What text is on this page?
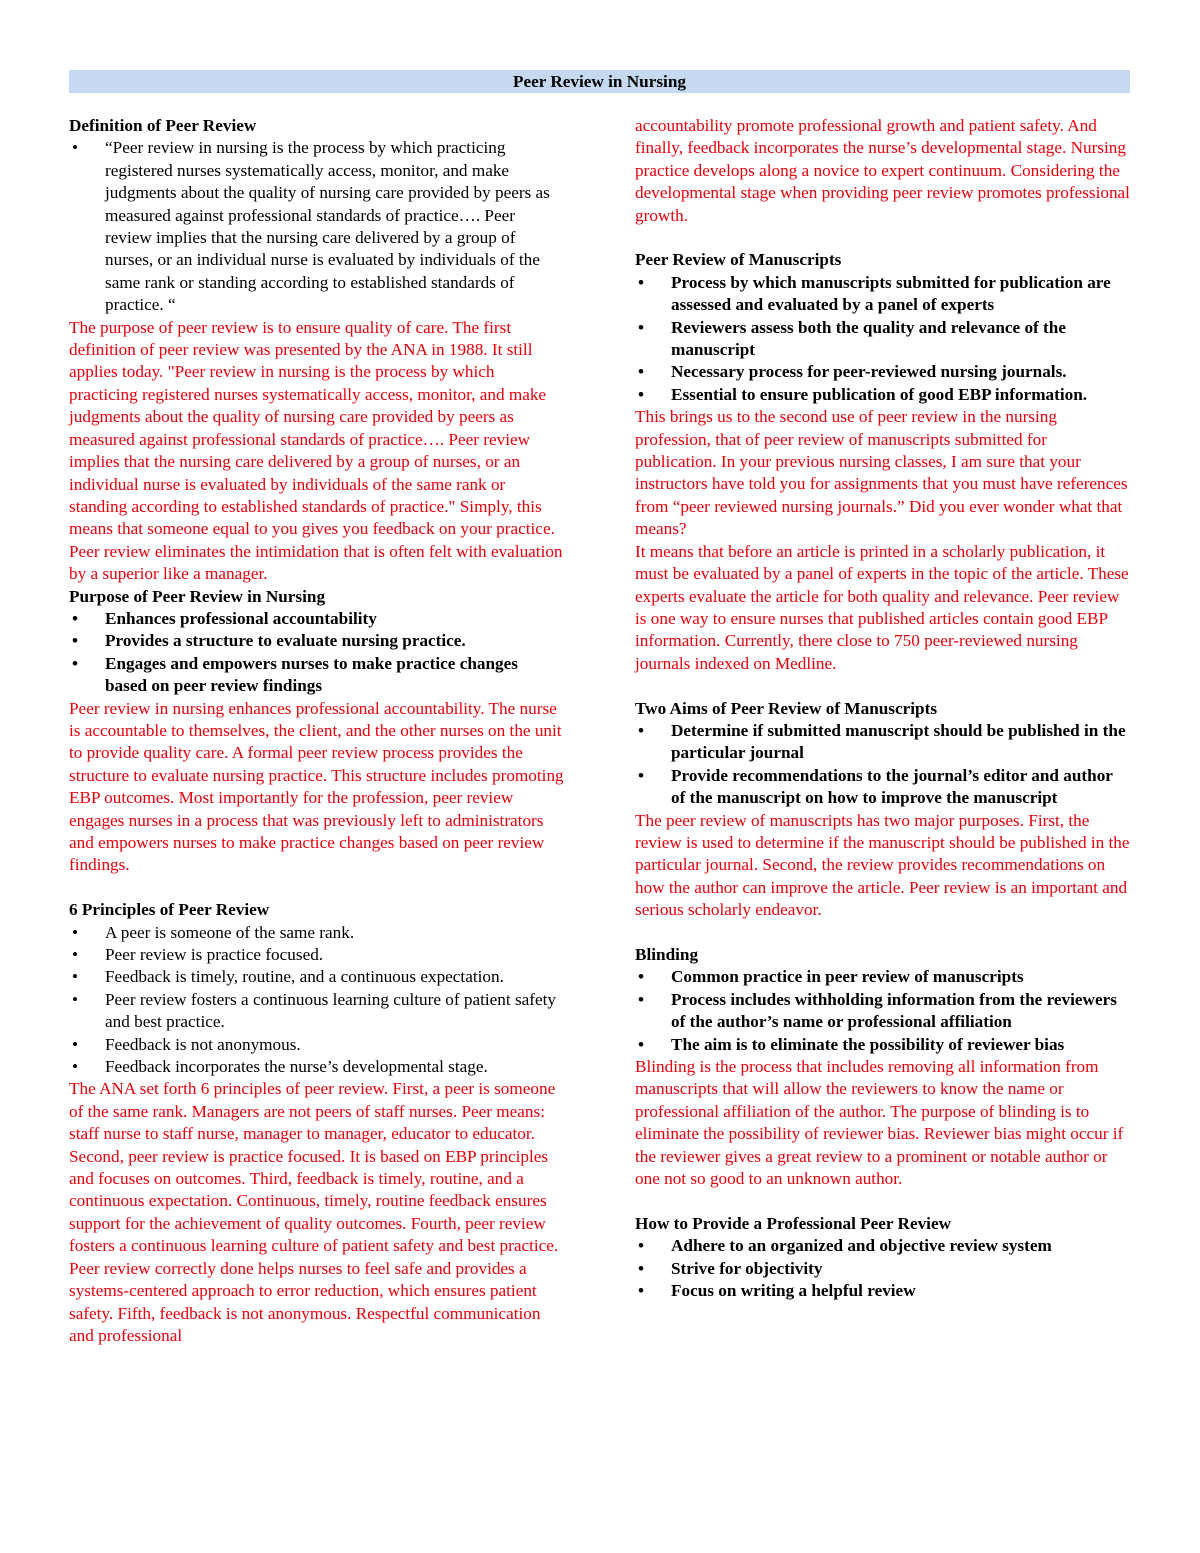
Peer Review in Nursing

Definition of Peer Review

• “Peer review in nursing is the process by which practicing registered nurses systematically access, monitor, and make judgments about the quality of nursing care provided by peers as measured against professional standards of practice…. Peer review implies that the nursing care delivered by a group of nurses, or an individual nurse is evaluated by individuals of the same rank or standing according to established standards of practice. “

The purpose of peer review is to ensure quality of care. The first definition of peer review was presented by the ANA in 1988. It still applies today. "Peer review in nursing is the process by which practicing registered nurses systematically access, monitor, and make judgments about the quality of nursing care provided by peers as measured against professional standards of practice…. Peer review implies that the nursing care delivered by a group of nurses, or an individual nurse is evaluated by individuals of the same rank or standing according to established standards of practice." Simply, this means that someone equal to you gives you feedback on your practice. Peer review eliminates the intimidation that is often felt with evaluation by a superior like a manager.

Purpose of Peer Review in Nursing

• Enhances professional accountability
• Provides a structure to evaluate nursing practice.
• Engages and empowers nurses to make practice changes based on peer review findings

Peer review in nursing enhances professional accountability. The nurse is accountable to themselves, the client, and the other nurses on the unit to provide quality care. A formal peer review process provides the structure to evaluate nursing practice. This structure includes promoting EBP outcomes. Most importantly for the profession, peer review engages nurses in a process that was previously left to administrators and empowers nurses to make practice changes based on peer review findings.

6 Principles of Peer Review

• A peer is someone of the same rank.
• Peer review is practice focused.
• Feedback is timely, routine, and a continuous expectation.
• Peer review fosters a continuous learning culture of patient safety and best practice.
• Feedback is not anonymous.
• Feedback incorporates the nurse’s developmental stage.

The ANA set forth 6 principles of peer review. First, a peer is someone of the same rank. Managers are not peers of staff nurses. Peer means: staff nurse to staff nurse, manager to manager, educator to educator. Second, peer review is practice focused. It is based on EBP principles and focuses on outcomes. Third, feedback is timely, routine, and a continuous expectation. Continuous, timely, routine feedback ensures support for the achievement of quality outcomes. Fourth, peer review fosters a continuous learning culture of patient safety and best practice. Peer review correctly done helps nurses to feel safe and provides a systems-centered approach to error reduction, which ensures patient safety. Fifth, feedback is not anonymous. Respectful communication and professional

accountability promote professional growth and patient safety. And finally, feedback incorporates the nurse’s developmental stage. Nursing practice develops along a novice to expert continuum. Considering the developmental stage when providing peer review promotes professional growth.

Peer Review of Manuscripts

• Process by which manuscripts submitted for publication are assessed and evaluated by a panel of experts
• Reviewers assess both the quality and relevance of the manuscript
• Necessary process for peer-reviewed nursing journals.
• Essential to ensure publication of good EBP information.

This brings us to the second use of peer review in the nursing profession, that of peer review of manuscripts submitted for publication. In your previous nursing classes, I am sure that your instructors have told you for assignments that you must have references from “peer reviewed nursing journals.” Did you ever wonder what that means?

It means that before an article is printed in a scholarly publication, it must be evaluated by a panel of experts in the topic of the article. These experts evaluate the article for both quality and relevance. Peer review is one way to ensure nurses that published articles contain good EBP information. Currently, there close to 750 peer-reviewed nursing journals indexed on Medline.

Two Aims of Peer Review of Manuscripts

• Determine if submitted manuscript should be published in the particular journal
• Provide recommendations to the journal’s editor and author of the manuscript on how to improve the manuscript

The peer review of manuscripts has two major purposes. First, the review is used to determine if the manuscript should be published in the particular journal. Second, the review provides recommendations on how the author can improve the article. Peer review is an important and serious scholarly endeavor.

Blinding

• Common practice in peer review of manuscripts
• Process includes withholding information from the reviewers of the author’s name or professional affiliation
• The aim is to eliminate the possibility of reviewer bias

Blinding is the process that includes removing all information from manuscripts that will allow the reviewers to know the name or professional affiliation of the author. The purpose of blinding is to eliminate the possibility of reviewer bias. Reviewer bias might occur if the reviewer gives a great review to a prominent or notable author or one not so good to an unknown author.

How to Provide a Professional Peer Review

• Adhere to an organized and objective review system
• Strive for objectivity
• Focus on writing a helpful review
